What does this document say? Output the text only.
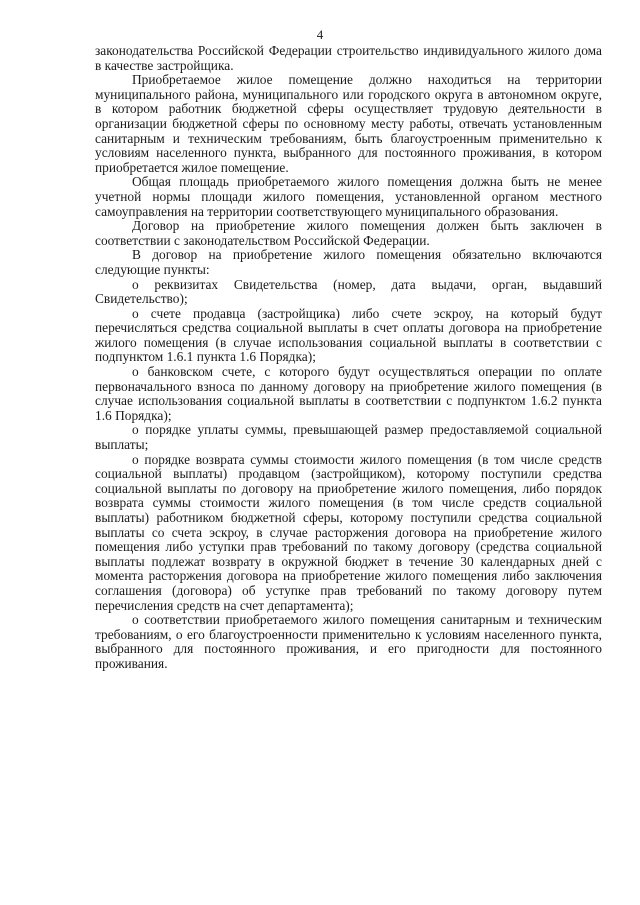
4

законодательства Российской Федерации строительство индивидуального жилого дома в качестве застройщика.

Приобретаемое жилое помещение должно находиться на территории муниципального района, муниципального или городского округа в автономном округе, в котором работник бюджетной сферы осуществляет трудовую деятельности в организации бюджетной сферы по основному месту работы, отвечать установленным санитарным и техническим требованиям, быть благоустроенным применительно к условиям населенного пункта, выбранного для постоянного проживания, в котором приобретается жилое помещение.

Общая площадь приобретаемого жилого помещения должна быть не менее учетной нормы площади жилого помещения, установленной органом местного самоуправления на территории соответствующего муниципального образования.

Договор на приобретение жилого помещения должен быть заключен в соответствии с законодательством Российской Федерации.

В договор на приобретение жилого помещения обязательно включаются следующие пункты:

о реквизитах Свидетельства (номер, дата выдачи, орган, выдавший Свидетельство);

о счете продавца (застройщика) либо счете эскроу, на который будут перечисляться средства социальной выплаты в счет оплаты договора на приобретение жилого помещения (в случае использования социальной выплаты в соответствии с подпунктом 1.6.1 пункта 1.6 Порядка);

о банковском счете, с которого будут осуществляться операции по оплате первоначального взноса по данному договору на приобретение жилого помещения (в случае использования социальной выплаты в соответствии с подпунктом 1.6.2 пункта 1.6 Порядка);

о порядке уплаты суммы, превышающей размер предоставляемой социальной выплаты;

о порядке возврата суммы стоимости жилого помещения (в том числе средств социальной выплаты) продавцом (застройщиком), которому поступили средства социальной выплаты по договору на приобретение жилого помещения, либо порядок возврата суммы стоимости жилого помещения (в том числе средств социальной выплаты) работником бюджетной сферы, которому поступили средства социальной выплаты со счета эскроу, в случае расторжения договора на приобретение жилого помещения либо уступки прав требований по такому договору (средства социальной выплаты подлежат возврату в окружной бюджет в течение 30 календарных дней с момента расторжения договора на приобретение жилого помещения либо заключения соглашения (договора) об уступке прав требований по такому договору путем перечисления средств на счет департамента);

о соответствии приобретаемого жилого помещения санитарным и техническим требованиям, о его благоустроенности применительно к условиям населенного пункта, выбранного для постоянного проживания, и его пригодности для постоянного проживания.
